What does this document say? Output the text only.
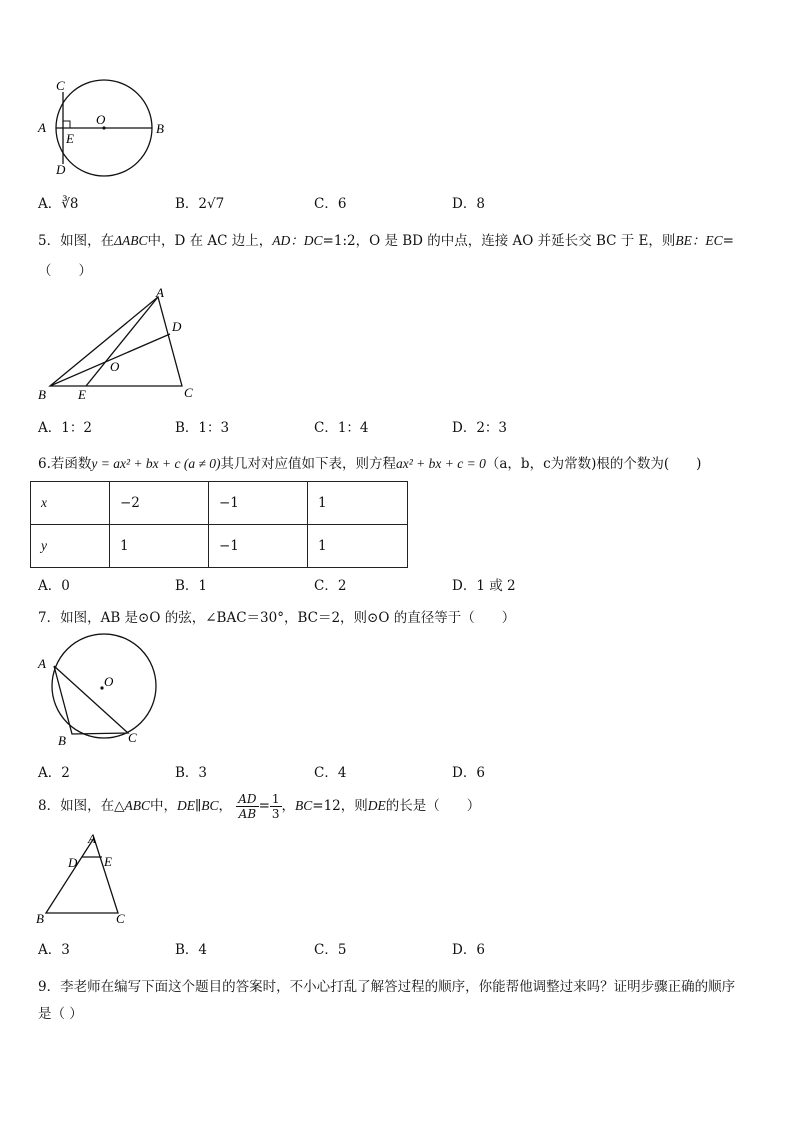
C
A
E
D
O
B
A．∛8	B．2√7	C．6	D．8
5．如图，在ΔABC中，D 在 AC 边上，AD：DC=1:2，O 是 BD 的中点，连接 AO 并延长交 BC 于 E，则BE：EC=
（　　）
A
D
O
B E	C
A．1：2	B．1：3	C．1：4	D．2：3
6.若函数y = ax² + bx + c (a ≠ 0)其几对对应值如下表，则方程ax² + bx + c = 0（a，b，c为常数)根的个数为(　　)
x	−2	−1	1
y	1	−1	1
A．0	B．1	C．2	D．1 或 2
7．如图，AB 是⊙O 的弦，∠BAC＝30°，BC＝2，则⊙O 的直径等于（　　）
A
O
B	C
A．2	B．3	C．4	D．6
8．如图，在△ABC中，DE∥BC， $\frac{AD}{AB} = \frac{1}{3}$ ，BC=12，则DE的长是（　　）
A
D E
B	C
A．3	B．4	C．5	D．6
9．李老师在编写下面这个题目的答案时，不小心打乱了解答过程的顺序，你能帮他调整过来吗？证明步骤正确的顺序
是（ ）
